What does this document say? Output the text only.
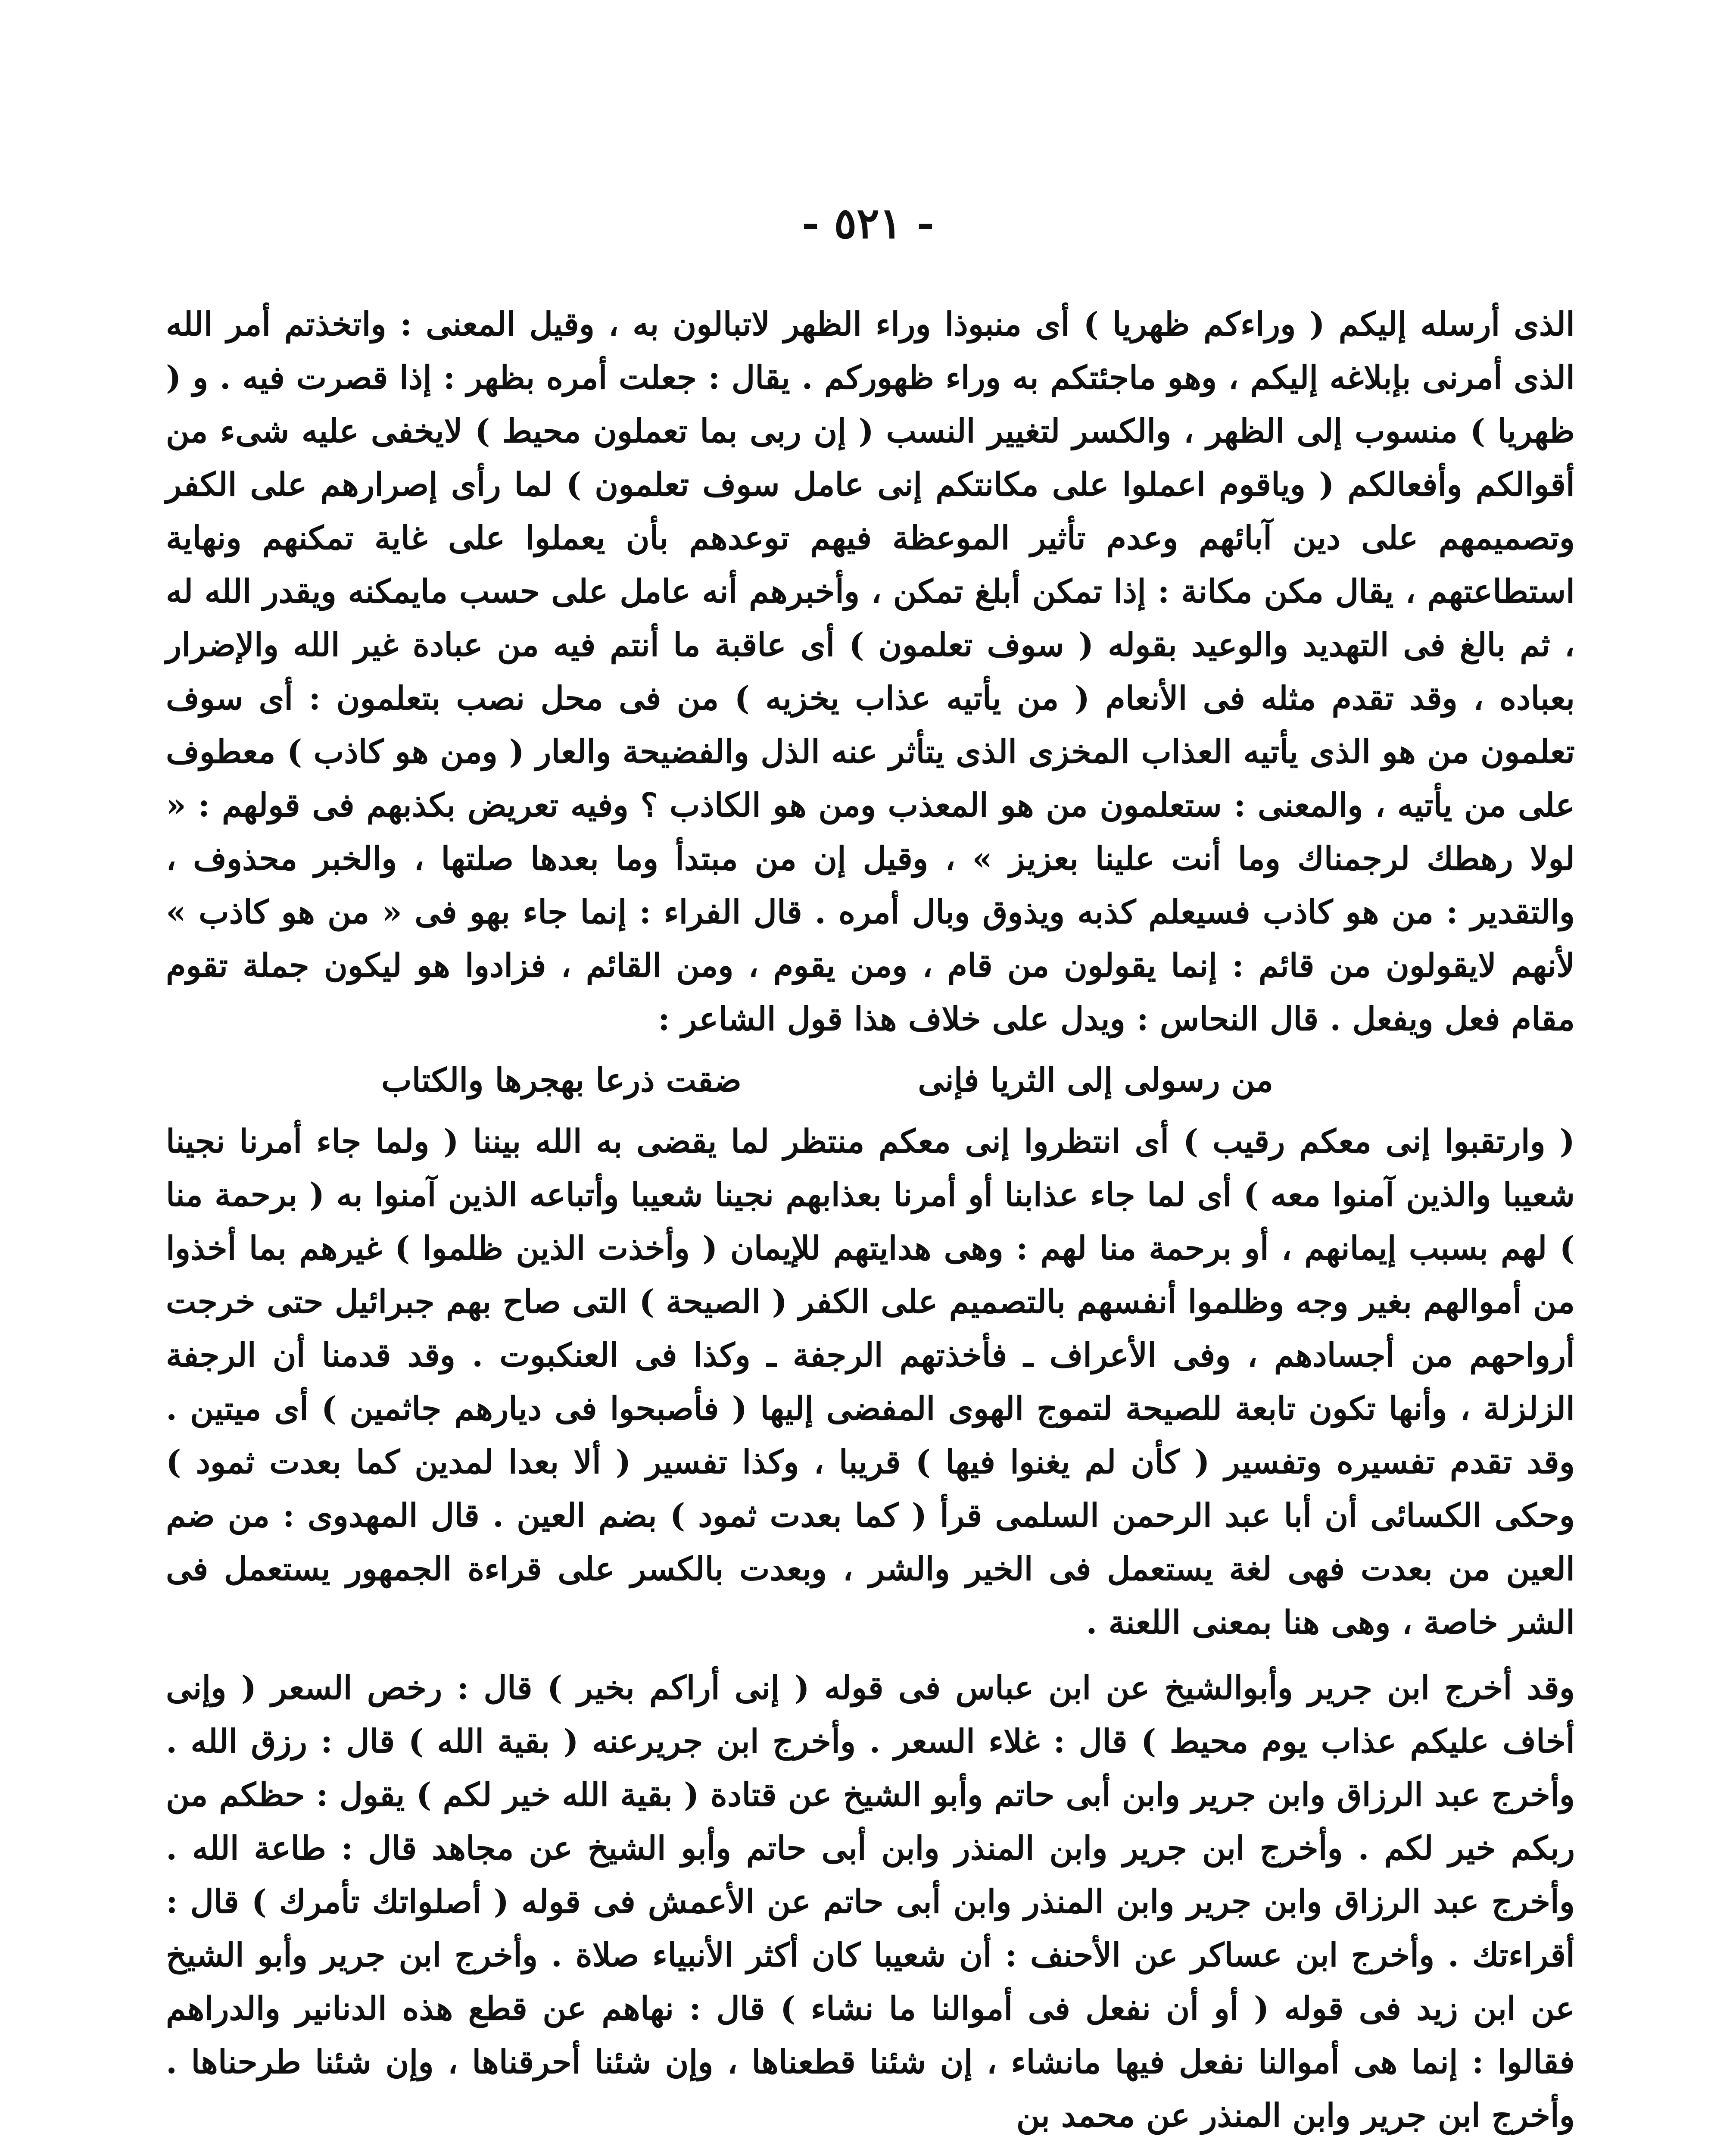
- ٥٢١ -

الذى أرسله إليكم ( وراءكم ظهريا ) أى منبوذا وراء الظهر لاتبالون به ، وقيل المعنى : واتخذتم أمر الله الذى أمرنى بإبلاغه إليكم ، وهو ماجئتكم به وراء ظهوركم . يقال : جعلت أمره بظهر : إذا قصرت فيه . و ( ظهريا ) منسوب إلى الظهر ، والكسر لتغيير النسب ( إن ربى بما تعملون محيط ) لايخفى عليه شىء من أقوالكم وأفعالكم ( وياقوم اعملوا على مكانتكم إنى عامل سوف تعلمون ) لما رأى إصرارهم على الكفر وتصميمهم على دين آبائهم وعدم تأثير الموعظة فيهم توعدهم بأن يعملوا على غاية تمكنهم ونهاية استطاعتهم ، يقال مكن مكانة : إذا تمكن أبلغ تمكن ، وأخبرهم أنه عامل على حسب مايمكنه ويقدر الله له ، ثم بالغ فى التهديد والوعيد بقوله ( سوف تعلمون ) أى عاقبة ما أنتم فيه من عبادة غير الله والإضرار بعباده ، وقد تقدم مثله فى الأنعام ( من يأتيه عذاب يخزيه ) من فى محل نصب بتعلمون : أى سوف تعلمون من هو الذى يأتيه العذاب المخزى الذى يتأثر عنه الذل والفضيحة والعار ( ومن هو كاذب ) معطوف على من يأتيه ، والمعنى : ستعلمون من هو المعذب ومن هو الكاذب ؟ وفيه تعريض بكذبهم فى قولهم : « لولا رهطك لرجمناك وما أنت علينا بعزيز » ، وقيل إن من مبتدأ وما بعدها صلتها ، والخبر محذوف ، والتقدير : من هو كاذب فسيعلم كذبه ويذوق وبال أمره . قال الفراء : إنما جاء بهو فى « من هو كاذب » لأنهم لايقولون من قائم : إنما يقولون من قام ، ومن يقوم ، ومن القائم ، فزادوا هو ليكون جملة تقوم مقام فعل ويفعل . قال النحاس : ويدل على خلاف هذا قول الشاعر :

من رسولى إلى الثريا فإنى
ضقت ذرعا بهجرها والكتاب

( وارتقبوا إنى معكم رقيب ) أى انتظروا إنى معكم منتظر لما يقضى به الله بيننا ( ولما جاء أمرنا نجينا شعيبا والذين آمنوا معه ) أى لما جاء عذابنا أو أمرنا بعذابهم نجينا شعيبا وأتباعه الذين آمنوا به ( برحمة منا ) لهم بسبب إيمانهم ، أو برحمة منا لهم : وهى هدايتهم للإيمان ( وأخذت الذين ظلموا ) غيرهم بما أخذوا من أموالهم بغير وجه وظلموا أنفسهم بالتصميم على الكفر ( الصيحة ) التى صاح بهم جبرائيل حتى خرجت أرواحهم من أجسادهم ، وفى الأعراف ـ فأخذتهم الرجفة ـ وكذا فى العنكبوت . وقد قدمنا أن الرجفة الزلزلة ، وأنها تكون تابعة للصيحة لتموج الهوى المفضى إليها ( فأصبحوا فى ديارهم جاثمين ) أى ميتين . وقد تقدم تفسيره وتفسير ( كأن لم يغنوا فيها ) قريبا ، وكذا تفسير ( ألا بعدا لمدين كما بعدت ثمود ) وحكى الكسائى أن أبا عبد الرحمن السلمى قرأ ( كما بعدت ثمود ) بضم العين . قال المهدوى : من ضم العين من بعدت فهى لغة يستعمل فى الخير والشر ، وبعدت بالكسر على قراءة الجمهور يستعمل فى الشر خاصة ، وهى هنا بمعنى اللعنة .

وقد أخرج ابن جرير وأبوالشيخ عن ابن عباس فى قوله ( إنى أراكم بخير ) قال : رخص السعر ( وإنى أخاف عليكم عذاب يوم محيط ) قال : غلاء السعر . وأخرج ابن جريرعنه ( بقية الله ) قال : رزق الله . وأخرج عبد الرزاق وابن جرير وابن أبى حاتم وأبو الشيخ عن قتادة ( بقية الله خير لكم ) يقول : حظكم من ربكم خير لكم . وأخرج ابن جرير وابن المنذر وابن أبى حاتم وأبو الشيخ عن مجاهد قال : طاعة الله . وأخرج عبد الرزاق وابن جرير وابن المنذر وابن أبى حاتم عن الأعمش فى قوله ( أصلواتك تأمرك ) قال : أقراءتك . وأخرج ابن عساكر عن الأحنف : أن شعيبا كان أكثر الأنبياء صلاة . وأخرج ابن جرير وأبو الشيخ عن ابن زيد فى قوله ( أو أن نفعل فى أموالنا ما نشاء ) قال : نهاهم عن قطع هذه الدنانير والدراهم فقالوا : إنما هى أموالنا نفعل فيها مانشاء ، إن شئنا قطعناها ، وإن شئنا أحرقناها ، وإن شئنا طرحناها . وأخرج ابن جرير وابن المنذر عن محمد بن
